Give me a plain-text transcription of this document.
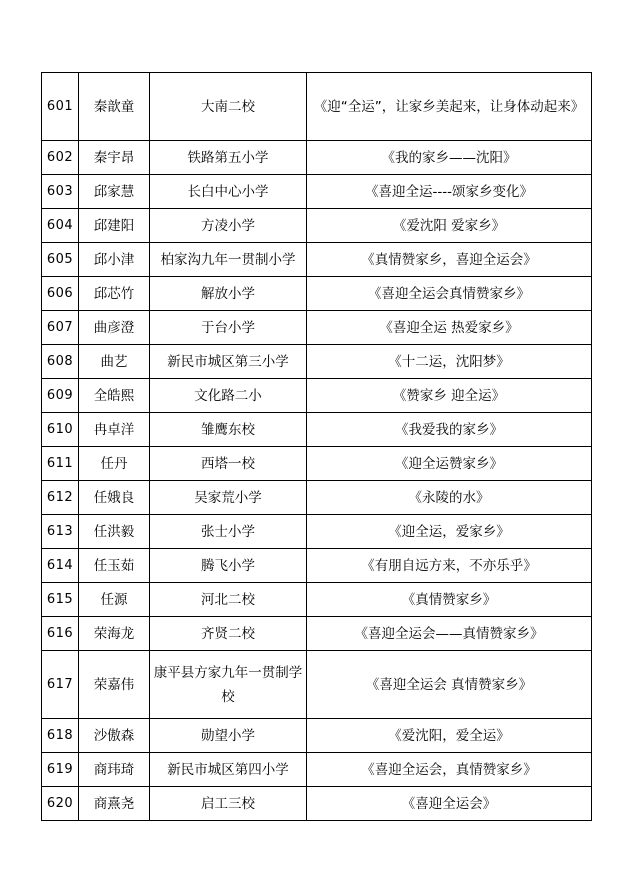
601	秦歆童	大南二校	《迎“全运”，让家乡美起来，让身体动起来》
602	秦宇昂	铁路第五小学	《我的家乡——沈阳》
603	邱家慧	长白中心小学	《喜迎全运----颂家乡变化》
604	邱建阳	方凌小学	《爱沈阳 爱家乡》
605	邱小津	柏家沟九年一贯制小学	《真情赞家乡，喜迎全运会》
606	邱芯竹	解放小学	《喜迎全运会真情赞家乡》
607	曲彦澄	于台小学	《喜迎全运 热爱家乡》
608	曲艺	新民市城区第三小学	《十二运，沈阳梦》
609	全皓熙	文化路二小	《赞家乡 迎全运》
610	冉卓洋	雏鹰东校	《我爱我的家乡》
611	任丹	西塔一校	《迎全运赞家乡》
612	任娥良	吴家荒小学	《永陵的水》
613	任洪毅	张士小学	《迎全运，爱家乡》
614	任玉茹	腾飞小学	《有朋自远方来，不亦乐乎》
615	任源	河北二校	《真情赞家乡》
616	荣海龙	齐贤二校	《喜迎全运会——真情赞家乡》
617	荣嘉伟	康平县方家九年一贯制学校	《喜迎全运会 真情赞家乡》
618	沙傲森	勋望小学	《爱沈阳，爱全运》
619	商玮琦	新民市城区第四小学	《喜迎全运会，真情赞家乡》
620	商熹尧	启工三校	《喜迎全运会》
